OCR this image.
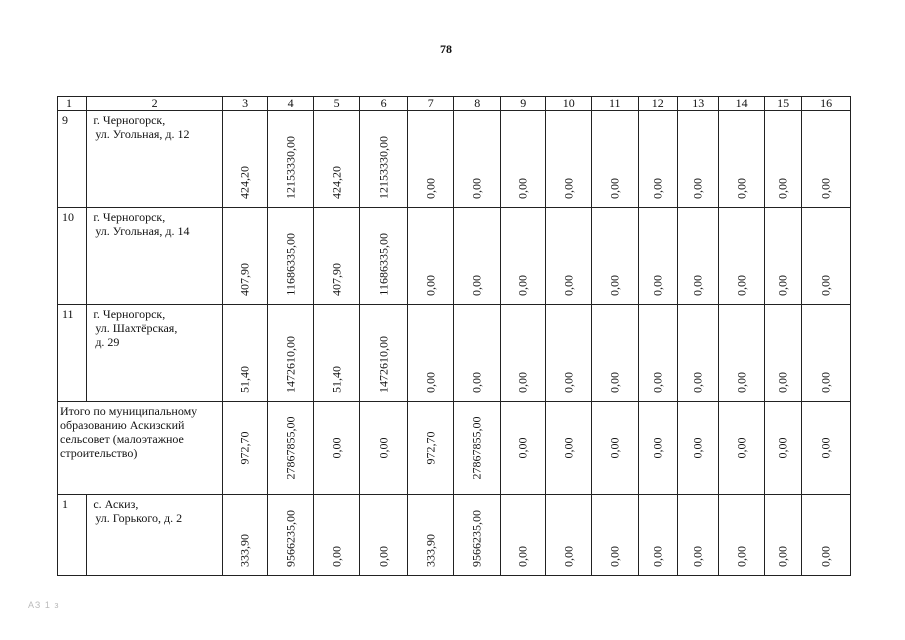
78
1	2	3	4	5	6	7	8	9	10	11	12	13	14	15	16
9	г. Черногорск,
ул. Угольная, д. 12	424,20	12153330,00	424,20	12153330,00	0,00	0,00	0,00	0,00	0,00	0,00	0,00	0,00	0,00	0,00

10	г. Черногорск,
ул. Угольная, д. 14	407,90	11686335,00	407,90	11686335,00	0,00	0,00	0,00	0,00	0,00	0,00	0,00	0,00	0,00	0,00

11	г. Черногорск,
ул. Шахтёрская,
д. 29	51,40	1472610,00	51,40	1472610,00	0,00	0,00	0,00	0,00	0,00	0,00	0,00	0,00	0,00	0,00

Итого по муниципальному образованию Аскизский сельсовет (малоэтажное строительство)		972,70	27867855,00	0,00	0,00	972,70	27867855,00	0,00	0,00	0,00	0,00	0,00	0,00	0,00	0,00

1	с. Аскиз,
ул. Горького, д. 2	333,90	9566235,00	0,00	0,00	333,90	9566235,00	0,00	0,00	0,00	0,00	0,00	0,00	0,00	0,00
АЗ 1 з
